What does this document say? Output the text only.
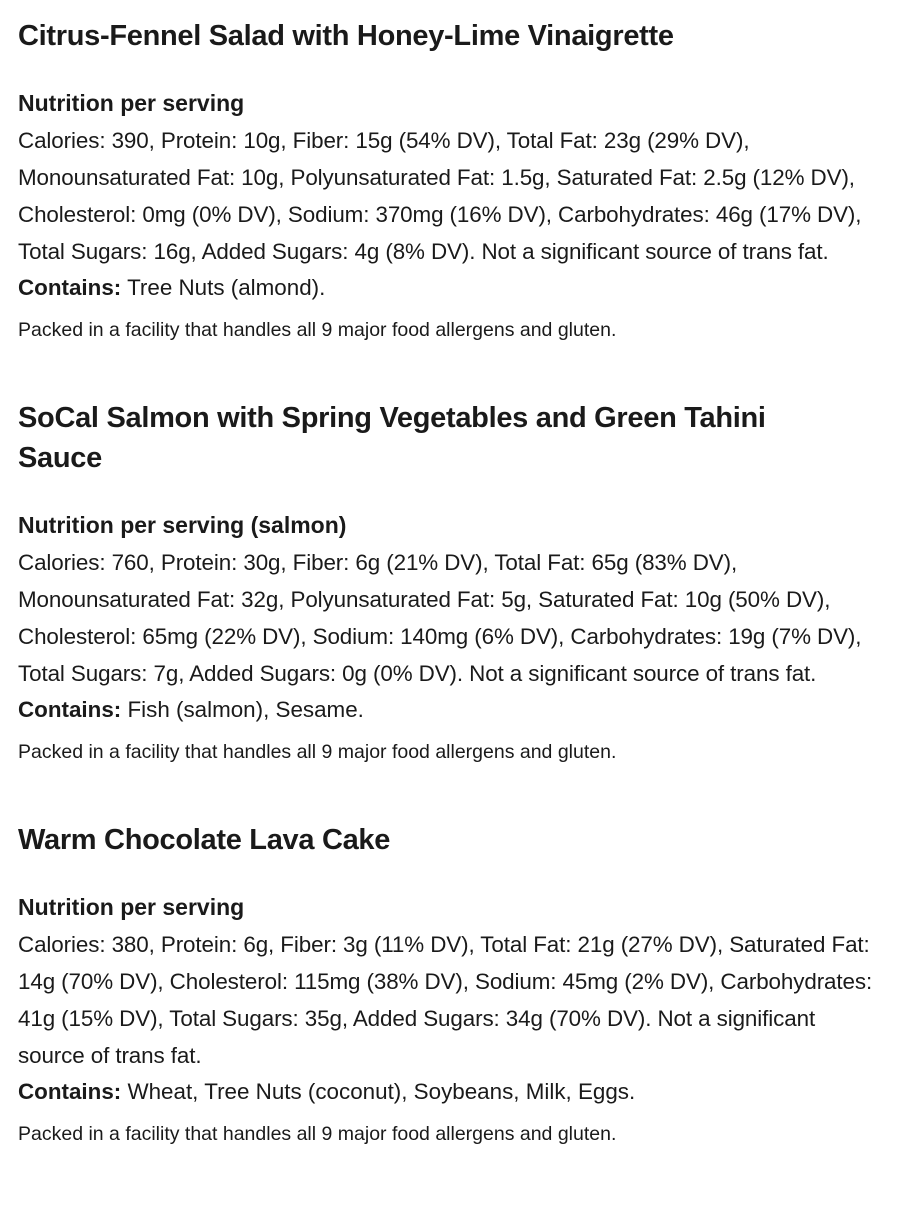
Citrus-Fennel Salad with Honey-Lime Vinaigrette
Nutrition per serving

Calories: 390, Protein: 10g, Fiber: 15g (54% DV), Total Fat: 23g (29% DV), Monounsaturated Fat: 10g, Polyunsaturated Fat: 1.5g, Saturated Fat: 2.5g (12% DV), Cholesterol: 0mg (0% DV), Sodium: 370mg (16% DV), Carbohydrates: 46g (17% DV), Total Sugars: 16g, Added Sugars: 4g (8% DV). Not a significant source of trans fat.

Contains: Tree Nuts (almond).

Packed in a facility that handles all 9 major food allergens and gluten.

SoCal Salmon with Spring Vegetables and Green Tahini Sauce
Nutrition per serving (salmon)

Calories: 760, Protein: 30g, Fiber: 6g (21% DV), Total Fat: 65g (83% DV), Monounsaturated Fat: 32g, Polyunsaturated Fat: 5g, Saturated Fat: 10g (50% DV), Cholesterol: 65mg (22% DV), Sodium: 140mg (6% DV), Carbohydrates: 19g (7% DV), Total Sugars: 7g, Added Sugars: 0g (0% DV). Not a significant source of trans fat.

Contains: Fish (salmon), Sesame.

Packed in a facility that handles all 9 major food allergens and gluten.

Warm Chocolate Lava Cake
Nutrition per serving

Calories: 380, Protein: 6g, Fiber: 3g (11% DV), Total Fat: 21g (27% DV), Saturated Fat: 14g (70% DV), Cholesterol: 115mg (38% DV), Sodium: 45mg (2% DV), Carbohydrates: 41g (15% DV), Total Sugars: 35g, Added Sugars: 34g (70% DV). Not a significant source of trans fat.

Contains: Wheat, Tree Nuts (coconut), Soybeans, Milk, Eggs.

Packed in a facility that handles all 9 major food allergens and gluten.
